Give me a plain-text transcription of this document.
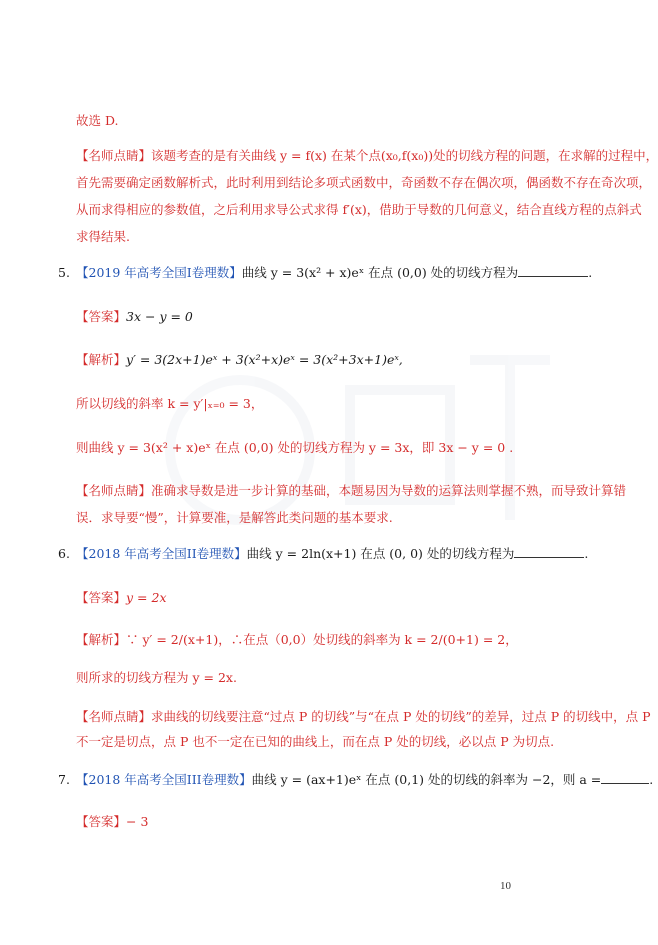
故选 D.
【名师点睛】该题考查的是有关曲线 y = f(x) 在某个点(x₀,f(x₀))处的切线方程的问题，在求解的过程中，
首先需要确定函数解析式，此时利用到结论多项式函数中，奇函数不存在偶次项，偶函数不存在奇次项，
从而求得相应的参数值，之后利用求导公式求得 f′(x)，借助于导数的几何意义，结合直线方程的点斜式
求得结果.
5. 【2019 年高考全国I卷理数】曲线 y = 3(x² + x)eˣ 在点 (0,0) 处的切线方程为	.
【答案】3x − y = 0
【解析】y′ = 3(2x+1)eˣ + 3(x²+x)eˣ = 3(x²+3x+1)eˣ,
所以切线的斜率 k = y′|ₓ₌₀ = 3，
则曲线 y = 3(x² + x)eˣ 在点 (0,0) 处的切线方程为 y = 3x，即 3x − y = 0 .
【名师点睛】准确求导数是进一步计算的基础，本题易因为导数的运算法则掌握不熟，而导致计算错
误．求导要“慢”，计算要准，是解答此类问题的基本要求.
6. 【2018 年高考全国II卷理数】曲线 y = 2ln(x+1) 在点 (0, 0) 处的切线方程为	.
【答案】y = 2x
【解析】∵ y′ = 2/(x+1)，∴在点（0,0）处切线的斜率为 k = 2/(0+1) = 2，
则所求的切线方程为 y = 2x.
【名师点睛】求曲线的切线要注意“过点 P 的切线”与“在点 P 处的切线”的差异，过点 P 的切线中，点 P
不一定是切点，点 P 也不一定在已知的曲线上，而在点 P 处的切线，必以点 P 为切点.
7. 【2018 年高考全国III卷理数】曲线 y = (ax+1)eˣ 在点 (0,1) 处的切线的斜率为 −2，则 a =	.
【答案】− 3
10
